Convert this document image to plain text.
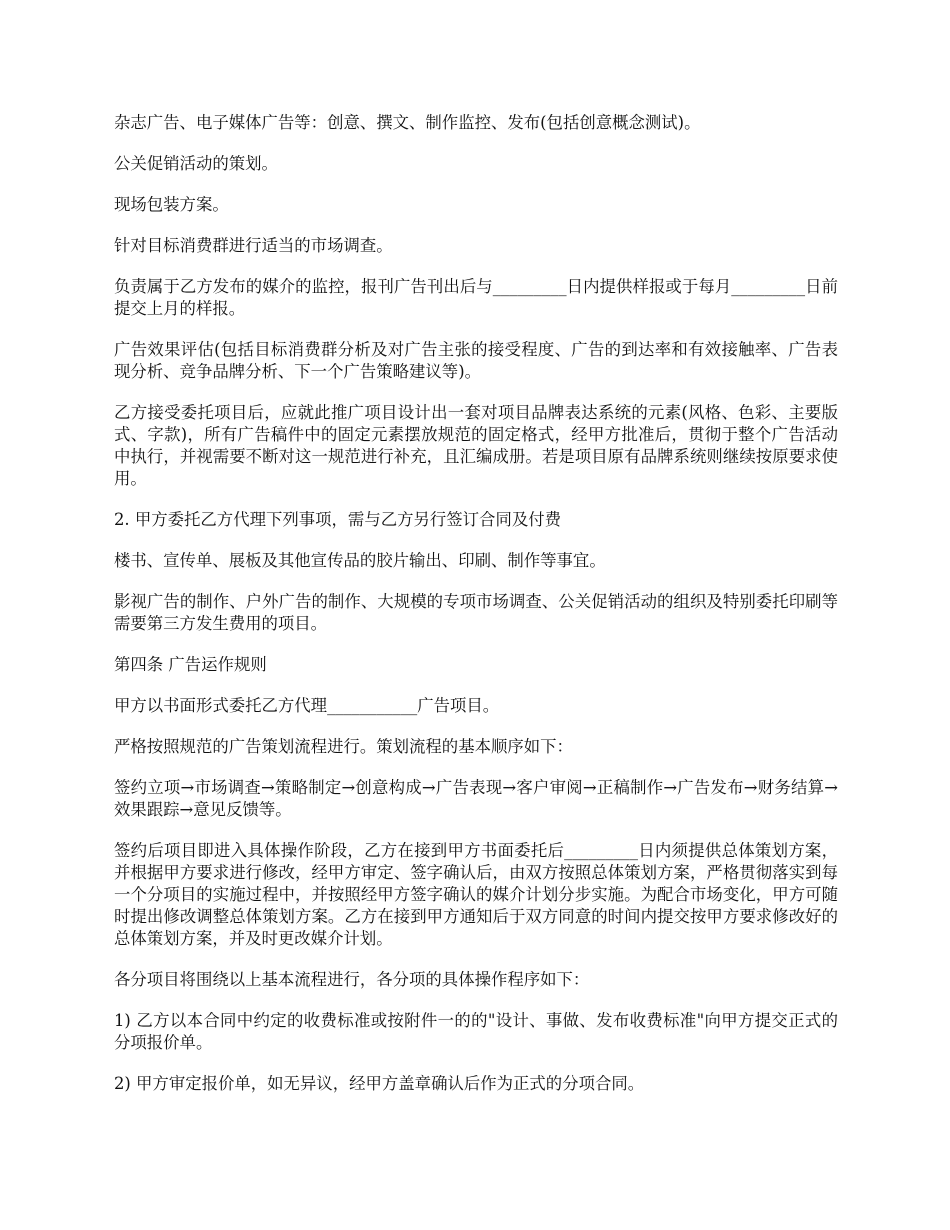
杂志广告、电子媒体广告等：创意、撰文、制作监控、发布(包括创意概念测试)。

公关促销活动的策划。

现场包装方案。

针对目标消费群进行适当的市场调查。

负责属于乙方发布的媒介的监控，报刊广告刊出后与_________日内提供样报或于每月_________日前提交上月的样报。

广告效果评估(包括目标消费群分析及对广告主张的接受程度、广告的到达率和有效接触率、广告表现分析、竞争品牌分析、下一个广告策略建议等)。

乙方接受委托项目后，应就此推广项目设计出一套对项目品牌表达系统的元素(风格、色彩、主要版式、字款)，所有广告稿件中的固定元素摆放规范的固定格式，经甲方批准后，贯彻于整个广告活动中执行，并视需要不断对这一规范进行补充，且汇编成册。若是项目原有品牌系统则继续按原要求使用。

2. 甲方委托乙方代理下列事项，需与乙方另行签订合同及付费

楼书、宣传单、展板及其他宣传品的胶片输出、印刷、制作等事宜。

影视广告的制作、户外广告的制作、大规模的专项市场调查、公关促销活动的组织及特别委托印刷等需要第三方发生费用的项目。

第四条 广告运作规则

甲方以书面形式委托乙方代理___________广告项目。

严格按照规范的广告策划流程进行。策划流程的基本顺序如下：

签约立项→市场调查→策略制定→创意构成→广告表现→客户审阅→正稿制作→广告发布→财务结算→效果跟踪→意见反馈等。

签约后项目即进入具体操作阶段，乙方在接到甲方书面委托后_________日内须提供总体策划方案，并根据甲方要求进行修改，经甲方审定、签字确认后，由双方按照总体策划方案，严格贯彻落实到每一个分项目的实施过程中，并按照经甲方签字确认的媒介计划分步实施。为配合市场变化，甲方可随时提出修改调整总体策划方案。乙方在接到甲方通知后于双方同意的时间内提交按甲方要求修改好的总体策划方案，并及时更改媒介计划。

各分项目将围绕以上基本流程进行，各分项的具体操作程序如下：

1) 乙方以本合同中约定的收费标准或按附件一的的"设计、事做、发布收费标准"向甲方提交正式的分项报价单。

2) 甲方审定报价单，如无异议，经甲方盖章确认后作为正式的分项合同。
